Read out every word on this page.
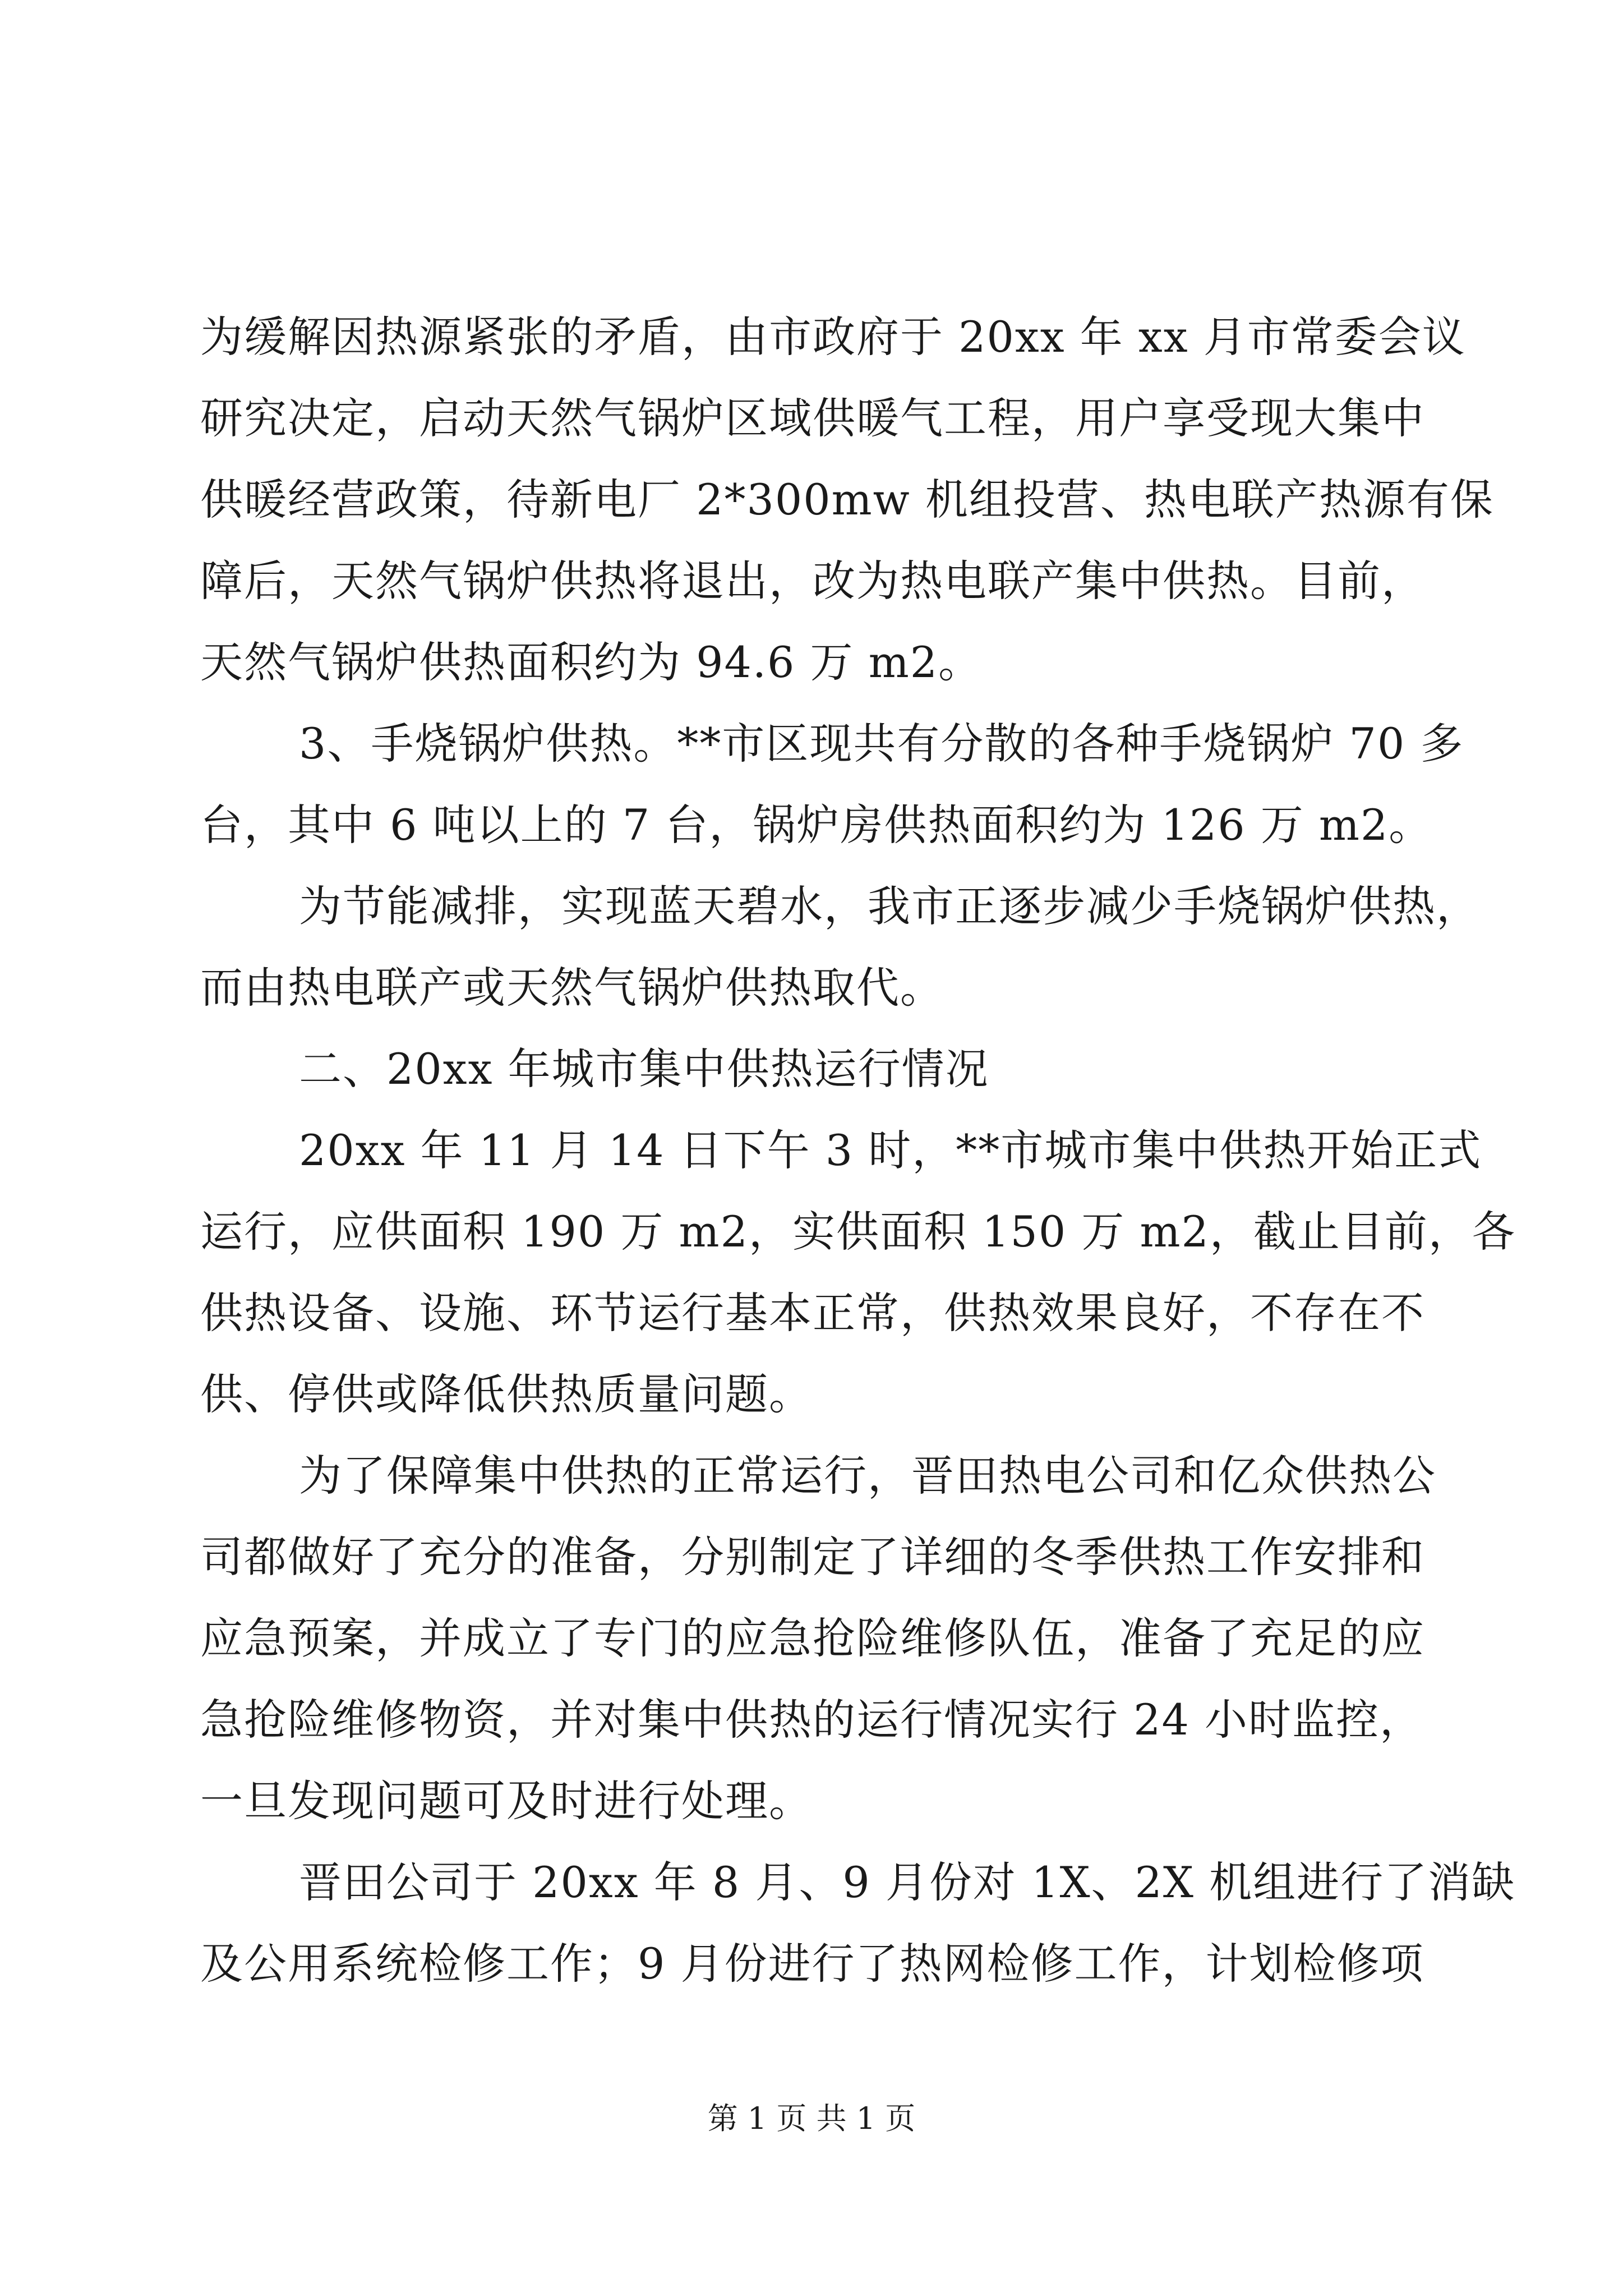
为缓解因热源紧张的矛盾，由市政府于 20xx 年 xx 月市常委会议
研究决定，启动天然气锅炉区域供暖气工程，用户享受现大集中
供暖经营政策，待新电厂 2*300mw 机组投营、热电联产热源有保
障后，天然气锅炉供热将退出，改为热电联产集中供热。目前，
天然气锅炉供热面积约为 94.6 万 m2。
3、手烧锅炉供热。**市区现共有分散的各种手烧锅炉 70 多
台，其中 6 吨以上的 7 台，锅炉房供热面积约为 126 万 m2。
为节能减排，实现蓝天碧水，我市正逐步减少手烧锅炉供热，
而由热电联产或天然气锅炉供热取代。
二、20xx 年城市集中供热运行情况
20xx 年 11 月 14 日下午 3 时，**市城市集中供热开始正式
运行，应供面积 190 万 m2，实供面积 150 万 m2，截止目前，各
供热设备、设施、环节运行基本正常，供热效果良好，不存在不
供、停供或降低供热质量问题。
为了保障集中供热的正常运行，晋田热电公司和亿众供热公
司都做好了充分的准备，分别制定了详细的冬季供热工作安排和
应急预案，并成立了专门的应急抢险维修队伍，准备了充足的应
急抢险维修物资，并对集中供热的运行情况实行 24 小时监控，
一旦发现问题可及时进行处理。
晋田公司于 20xx 年 8 月、9 月份对 1X、2X 机组进行了消缺
及公用系统检修工作；9 月份进行了热网检修工作，计划检修项
第 1 页 共 1 页
